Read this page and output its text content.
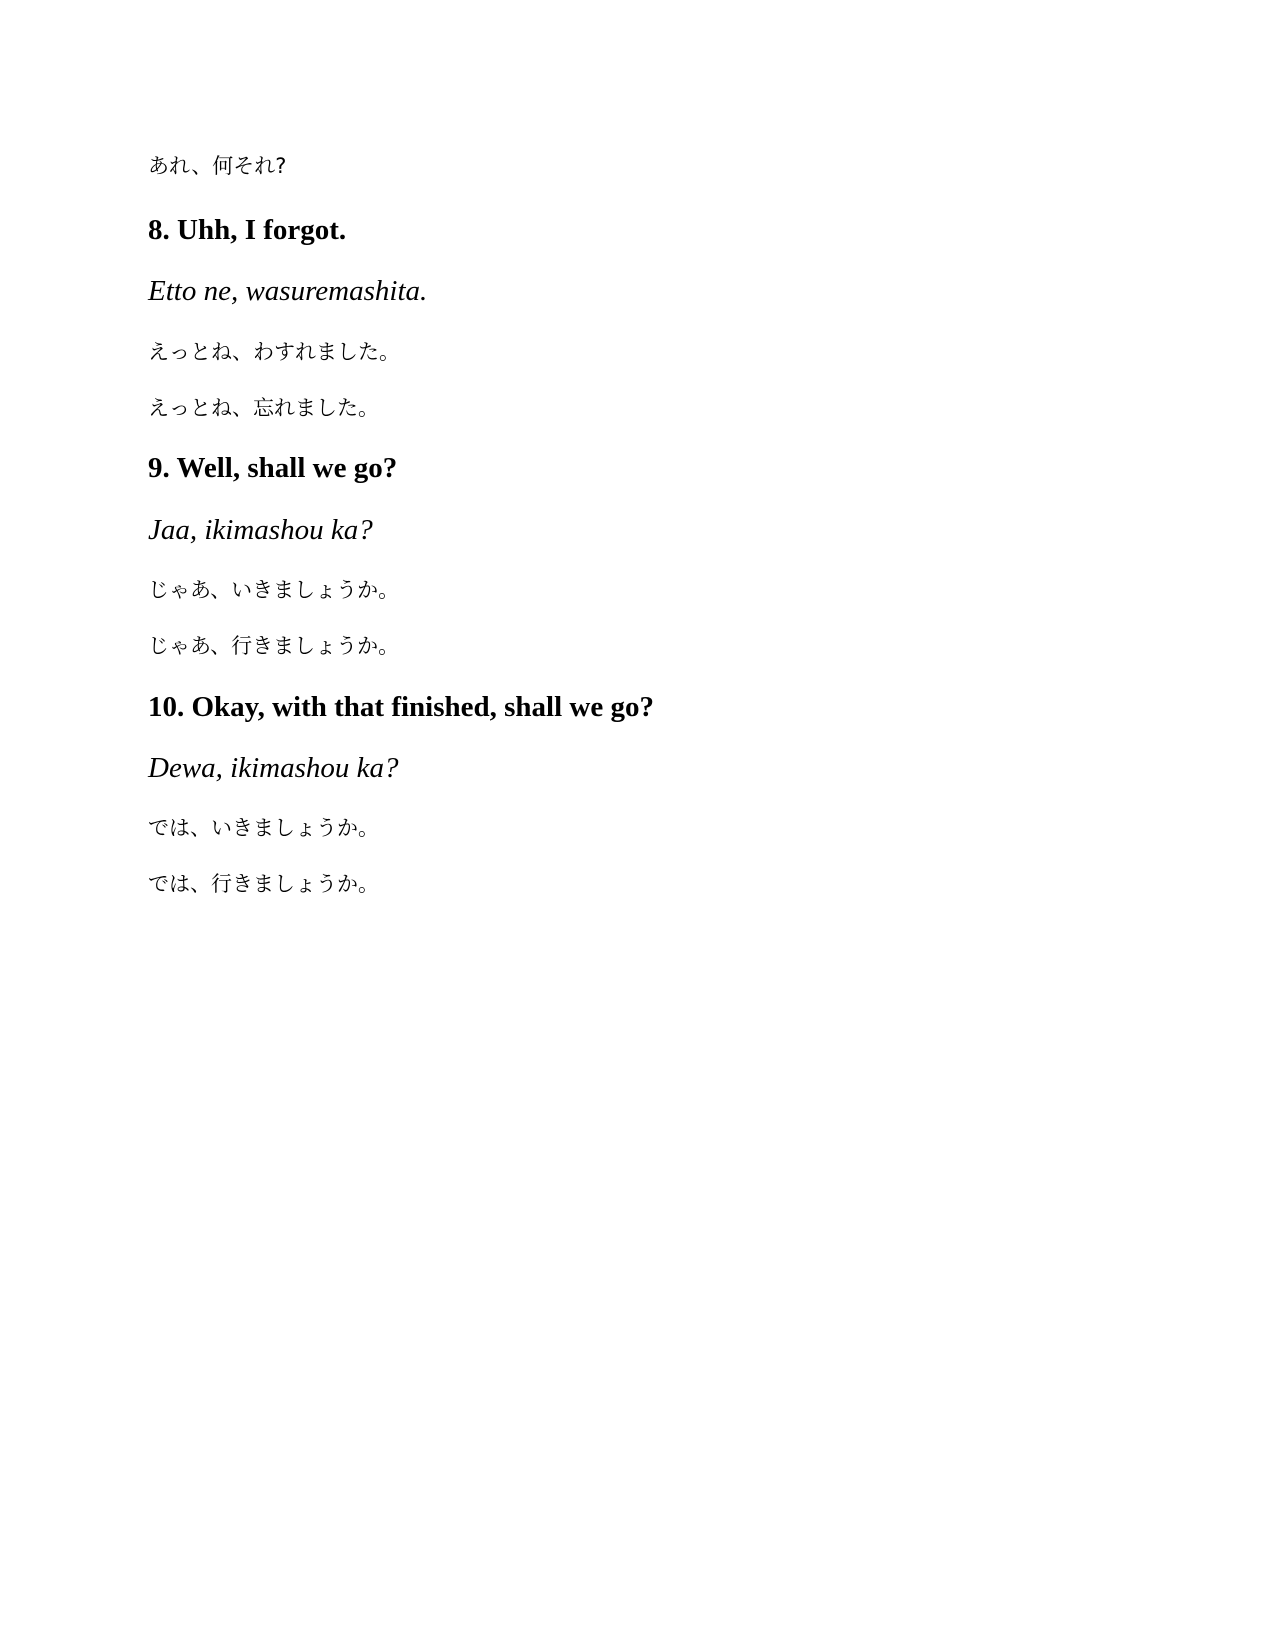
あれ、何それ?
8. Uhh, I forgot.
Etto ne, wasuremashita.
えっとね、わすれました。
えっとね、忘れました。
9. Well, shall we go?
Jaa, ikimashou ka?
じゃあ、いきましょうか。
じゃあ、行きましょうか。
10. Okay, with that finished, shall we go?
Dewa, ikimashou ka?
では、いきましょうか。
では、行きましょうか。
